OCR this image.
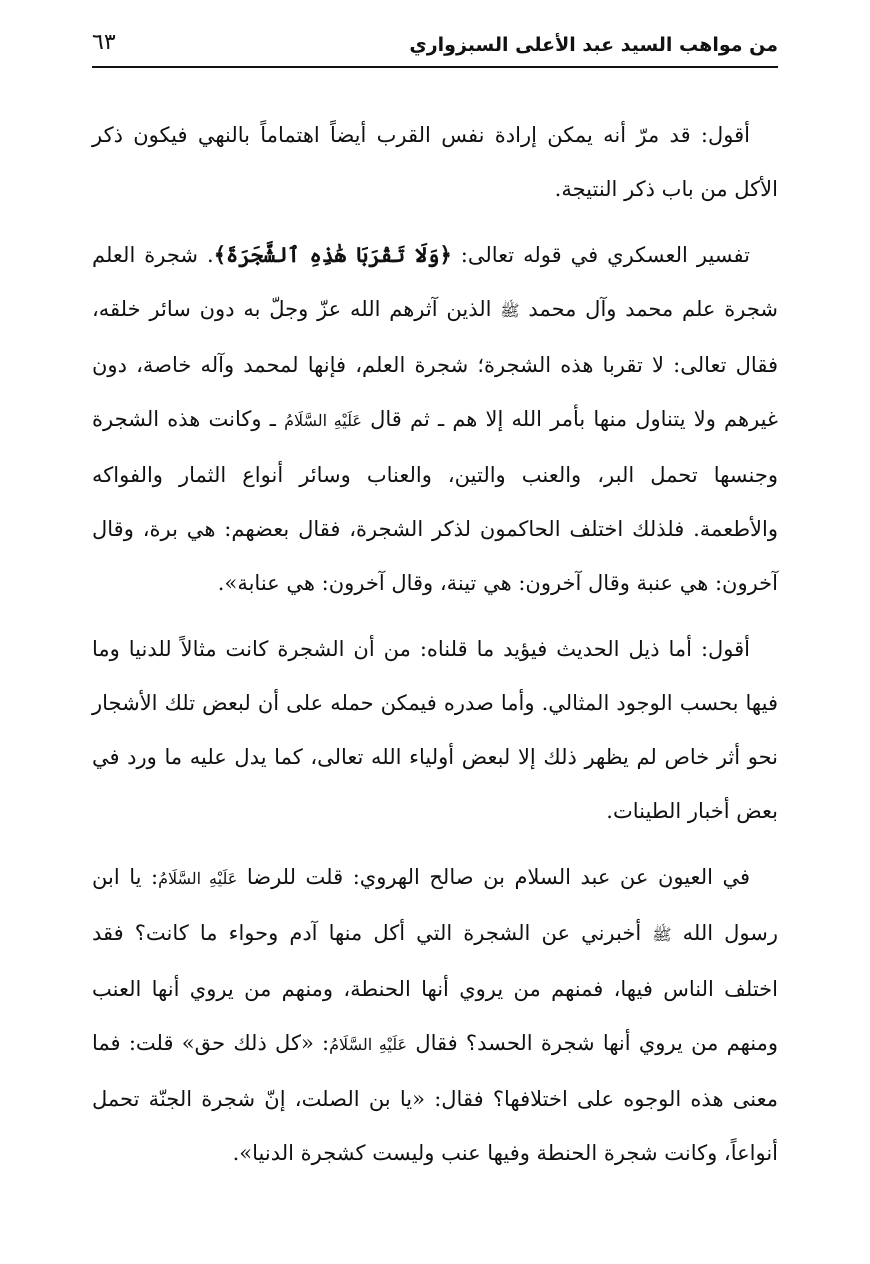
من مواهب السيد عبد الأعلى السبزواري
٦٣

أقول: قد مرّ أنه يمكن إرادة نفس القرب أيضاً اهتماماً بالنهي فيكون ذكر الأكل من باب ذكر النتيجة.

تفسير العسكري في قوله تعالى: ﴿وَلَا تَقْرَبَا هَٰذِهِ ٱلشَّجَرَةَ﴾. شجرة العلم شجرة علم محمد وآل محمد ﷺ الذين آثرهم الله عزّ وجلّ به دون سائر خلقه، فقال تعالى: لا تقربا هذه الشجرة؛ شجرة العلم، فإنها لمحمد وآله خاصة، دون غيرهم ولا يتناول منها بأمر الله إلا هم ـ ثم قال عَلَيْهِ السَّلَامُ ـ وكانت هذه الشجرة وجنسها تحمل البر، والعنب والتين، والعناب وسائر أنواع الثمار والفواكه والأطعمة. فلذلك اختلف الحاكمون لذكر الشجرة، فقال بعضهم: هي برة، وقال آخرون: هي عنبة وقال آخرون: هي تينة، وقال آخرون: هي عنابة».

أقول: أما ذيل الحديث فيؤيد ما قلناه: من أن الشجرة كانت مثالاً للدنيا وما فيها بحسب الوجود المثالي. وأما صدره فيمكن حمله على أن لبعض تلك الأشجار نحو أثر خاص لم يظهر ذلك إلا لبعض أولياء الله تعالى، كما يدل عليه ما ورد في بعض أخبار الطينات.

في العيون عن عبد السلام بن صالح الهروي: قلت للرضا عَلَيْهِ السَّلَامُ: يا ابن رسول الله ﷺ أخبرني عن الشجرة التي أكل منها آدم وحواء ما كانت؟ فقد اختلف الناس فيها، فمنهم من يروي أنها الحنطة، ومنهم من يروي أنها العنب ومنهم من يروي أنها شجرة الحسد؟ فقال عَلَيْهِ السَّلَامُ: «كل ذلك حق» قلت: فما معنى هذه الوجوه على اختلافها؟ فقال: «يا بن الصلت، إنّ شجرة الجنّة تحمل أنواعاً، وكانت شجرة الحنطة وفيها عنب وليست كشجرة الدنيا».
